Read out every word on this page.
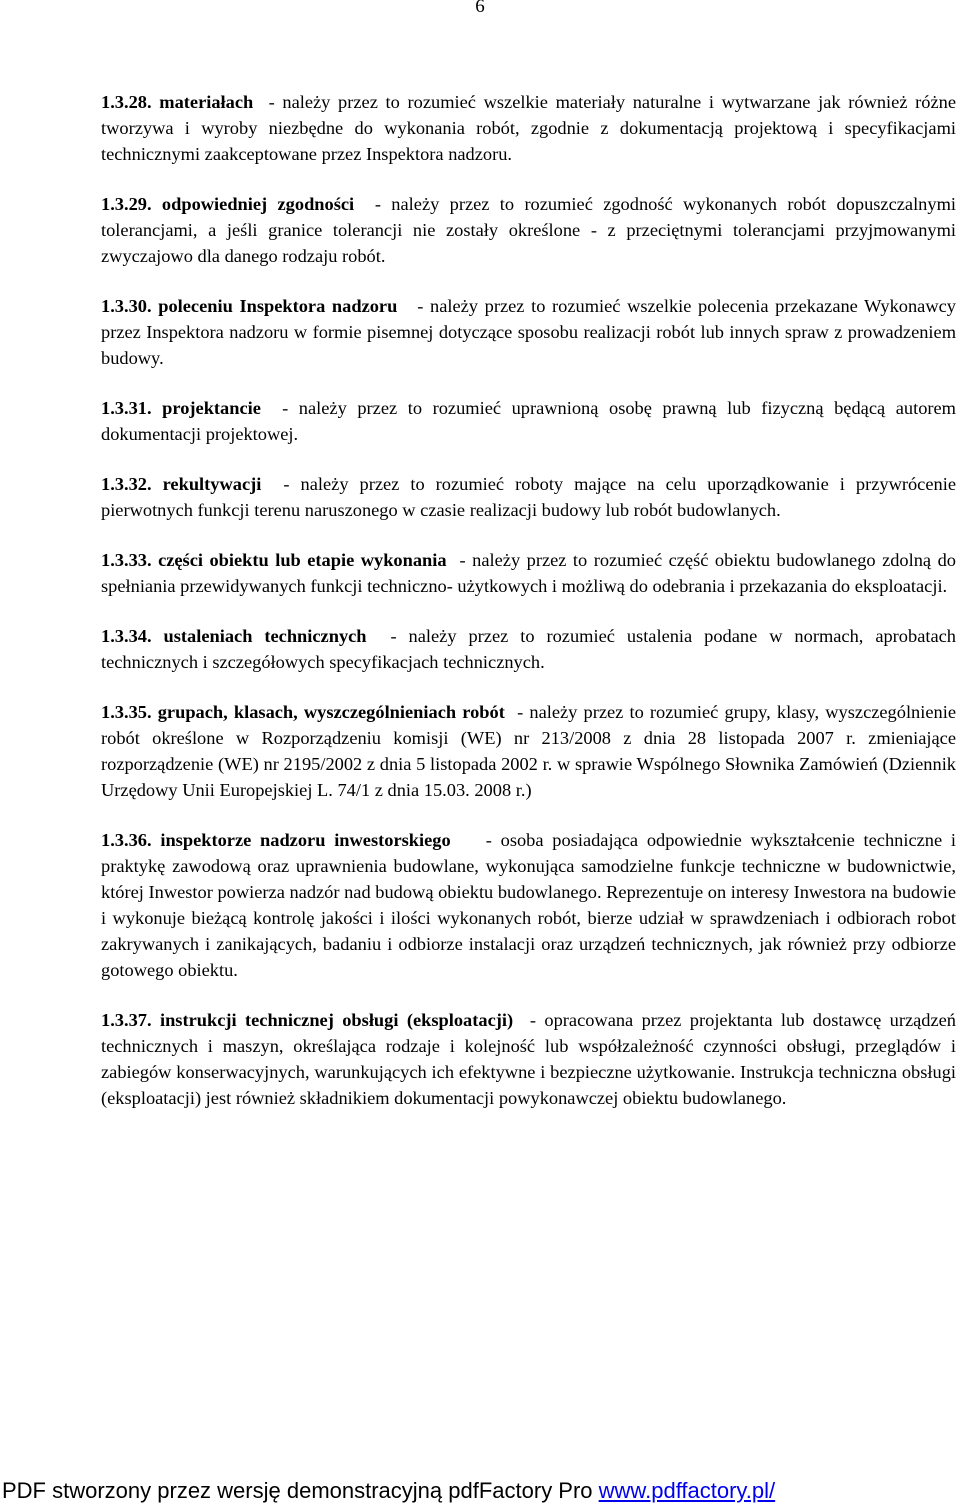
6

1.3.28. materiałach - należy przez to rozumieć wszelkie materiały naturalne i wytwarzane jak również różne tworzywa i wyroby niezbędne do wykonania robót, zgodnie z dokumentacją projektową i specyfikacjami technicznymi zaakceptowane przez Inspektora nadzoru.

1.3.29. odpowiedniej zgodności - należy przez to rozumieć zgodność wykonanych robót dopuszczalnymi tolerancjami, a jeśli granice tolerancji nie zostały określone - z przeciętnymi tolerancjami przyjmowanymi zwyczajowo dla danego rodzaju robót.

1.3.30. poleceniu Inspektora nadzoru - należy przez to rozumieć wszelkie polecenia przekazane Wykonawcy przez Inspektora nadzoru w formie pisemnej dotyczące sposobu realizacji robót lub innych spraw z prowadzeniem budowy.

1.3.31. projektancie - należy przez to rozumieć uprawnioną osobę prawną lub fizyczną będącą autorem dokumentacji projektowej.

1.3.32. rekultywacji - należy przez to rozumieć roboty mające na celu uporządkowanie i przywrócenie pierwotnych funkcji terenu naruszonego w czasie realizacji budowy lub robót budowlanych.

1.3.33. części obiektu lub etapie wykonania - należy przez to rozumieć część obiektu budowlanego zdolną do spełniania przewidywanych funkcji techniczno- użytkowych i możliwą do odebrania i przekazania do eksploatacji.

1.3.34. ustaleniach technicznych - należy przez to rozumieć ustalenia podane w normach, aprobatach technicznych i szczegółowych specyfikacjach technicznych.

1.3.35. grupach, klasach, wyszczególnieniach robót - należy przez to rozumieć grupy, klasy, wyszczególnienie robót określone w Rozporządzeniu komisji (WE) nr 213/2008 z dnia 28 listopada 2007 r. zmieniające rozporządzenie (WE) nr 2195/2002 z dnia 5 listopada 2002 r. w sprawie Wspólnego Słownika Zamówień (Dziennik Urzędowy Unii Europejskiej L. 74/1 z dnia 15.03. 2008 r.)

1.3.36. inspektorze nadzoru inwestorskiego - osoba posiadająca odpowiednie wykształcenie techniczne i praktykę zawodową oraz uprawnienia budowlane, wykonująca samodzielne funkcje techniczne w budownictwie, której Inwestor powierza nadzór nad budową obiektu budowlanego. Reprezentuje on interesy Inwestora na budowie i wykonuje bieżącą kontrolę jakości i ilości wykonanych robót, bierze udział w sprawdzeniach i odbiorach robot zakrywanych i zanikających, badaniu i odbiorze instalacji oraz urządzeń technicznych, jak również przy odbiorze gotowego obiektu.

1.3.37. instrukcji technicznej obsługi (eksploatacji) - opracowana przez projektanta lub dostawcę urządzeń technicznych i maszyn, określająca rodzaje i kolejność lub współzależność czynności obsługi, przeglądów i zabiegów konserwacyjnych, warunkujących ich efektywne i bezpieczne użytkowanie. Instrukcja techniczna obsługi (eksploatacji) jest również składnikiem dokumentacji powykonawczej obiektu budowlanego.

PDF stworzony przez wersję demonstracyjną pdfFactory Pro www.pdffactory.pl/
